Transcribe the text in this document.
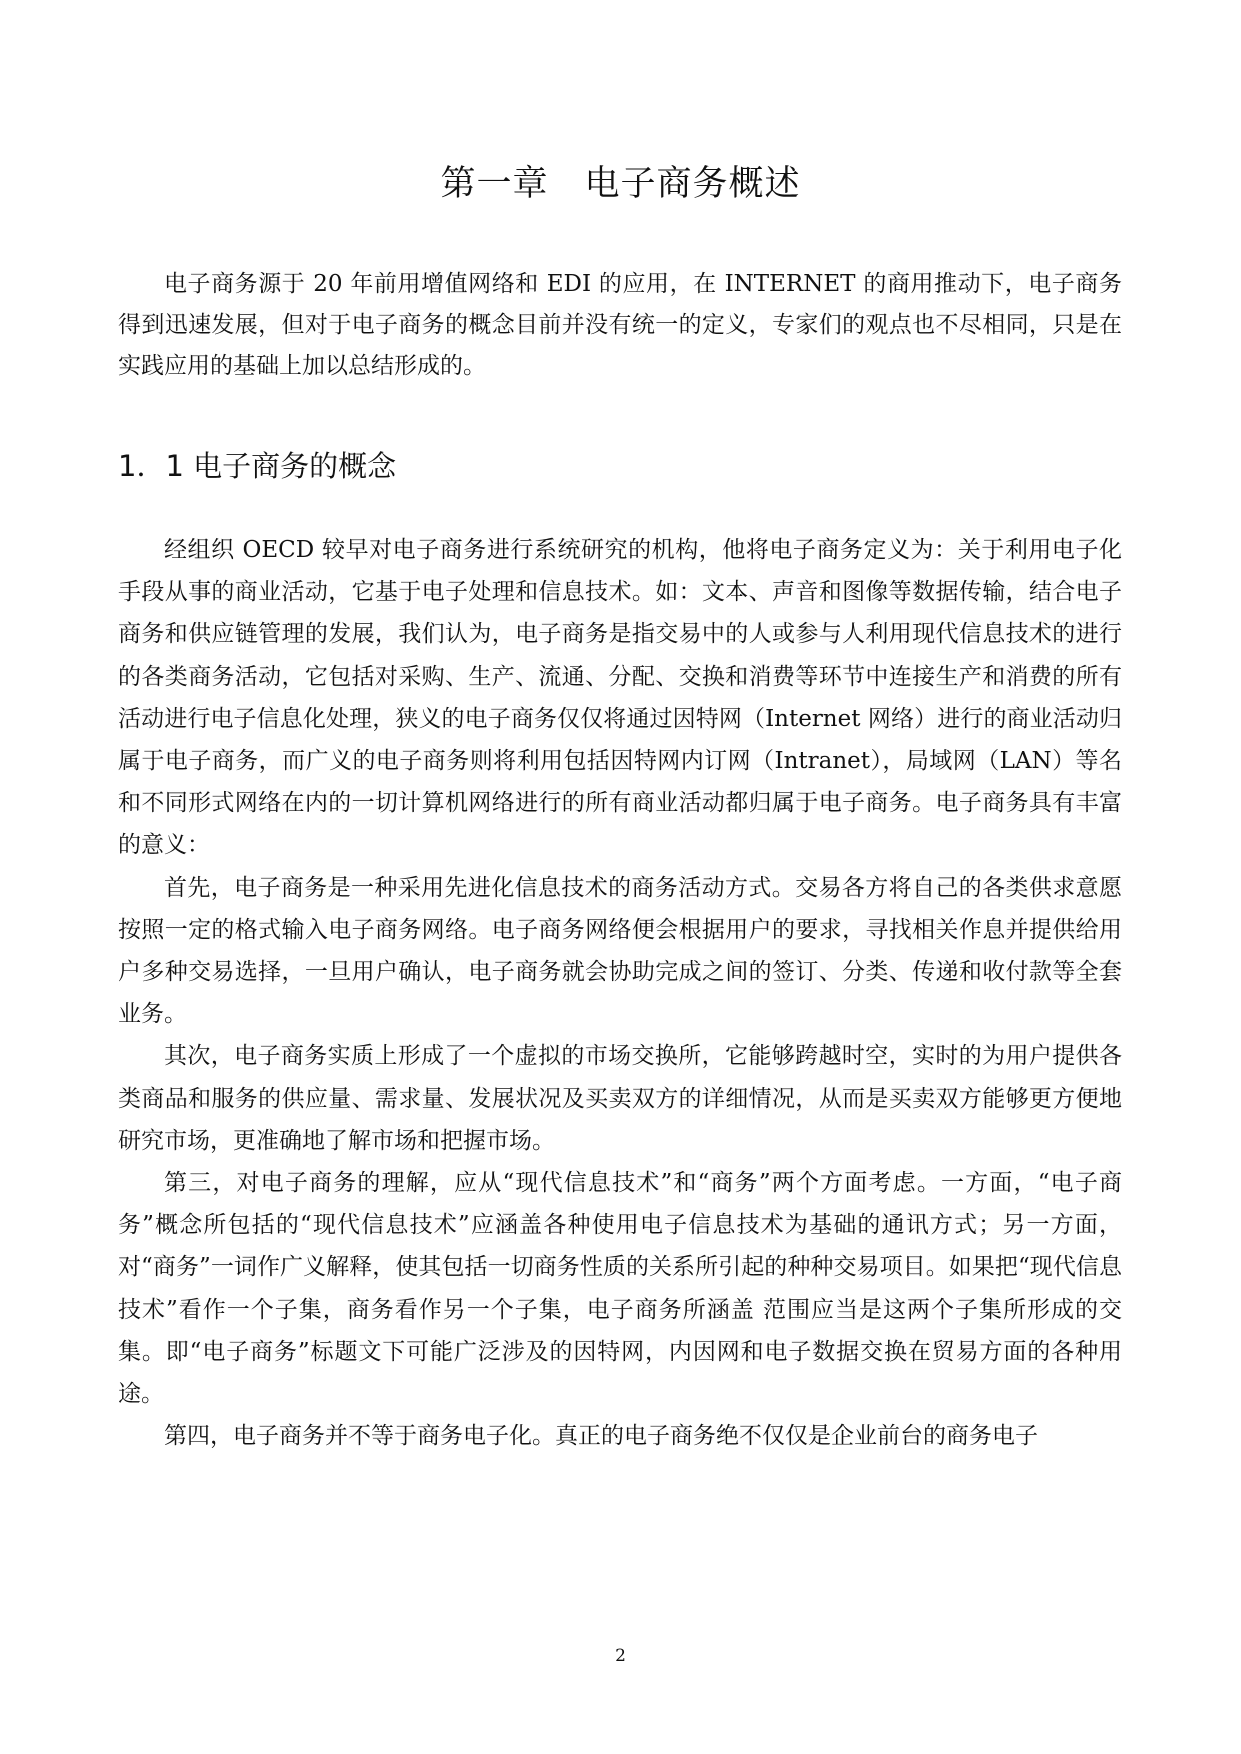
第一章　电子商务概述

电子商务源于 20 年前用增值网络和 EDI 的应用，在 INTERNET 的商用推动下，电子商务得到迅速发展，但对于电子商务的概念目前并没有统一的定义，专家们的观点也不尽相同，只是在实践应用的基础上加以总结形成的。

1．1 电子商务的概念

经组织 OECD 较早对电子商务进行系统研究的机构，他将电子商务定义为：关于利用电子化手段从事的商业活动，它基于电子处理和信息技术。如：文本、声音和图像等数据传输，结合电子商务和供应链管理的发展，我们认为，电子商务是指交易中的人或参与人利用现代信息技术的进行的各类商务活动，它包括对采购、生产、流通、分配、交换和消费等环节中连接生产和消费的所有活动进行电子信息化处理，狭义的电子商务仅仅将通过因特网（Internet 网络）进行的商业活动归属于电子商务，而广义的电子商务则将利用包括因特网内订网（Intranet），局域网（LAN）等名和不同形式网络在内的一切计算机网络进行的所有商业活动都归属于电子商务。电子商务具有丰富的意义：

首先，电子商务是一种采用先进化信息技术的商务活动方式。交易各方将自己的各类供求意愿按照一定的格式输入电子商务网络。电子商务网络便会根据用户的要求，寻找相关作息并提供给用户多种交易选择，一旦用户确认，电子商务就会协助完成之间的签订、分类、传递和收付款等全套业务。

其次，电子商务实质上形成了一个虚拟的市场交换所，它能够跨越时空，实时的为用户提供各类商品和服务的供应量、需求量、发展状况及买卖双方的详细情况，从而是买卖双方能够更方便地研究市场，更准确地了解市场和把握市场。

第三，对电子商务的理解，应从“现代信息技术”和“商务”两个方面考虑。一方面，“电子商务”概念所包括的“现代信息技术”应涵盖各种使用电子信息技术为基础的通讯方式；另一方面，对“商务”一词作广义解释，使其包括一切商务性质的关系所引起的种种交易项目。如果把“现代信息技术”看作一个子集，商务看作另一个子集，电子商务所涵盖 范围应当是这两个子集所形成的交集。即“电子商务”标题文下可能广泛涉及的因特网，内因网和电子数据交换在贸易方面的各种用途。

第四，电子商务并不等于商务电子化。真正的电子商务绝不仅仅是企业前台的商务电子

2
